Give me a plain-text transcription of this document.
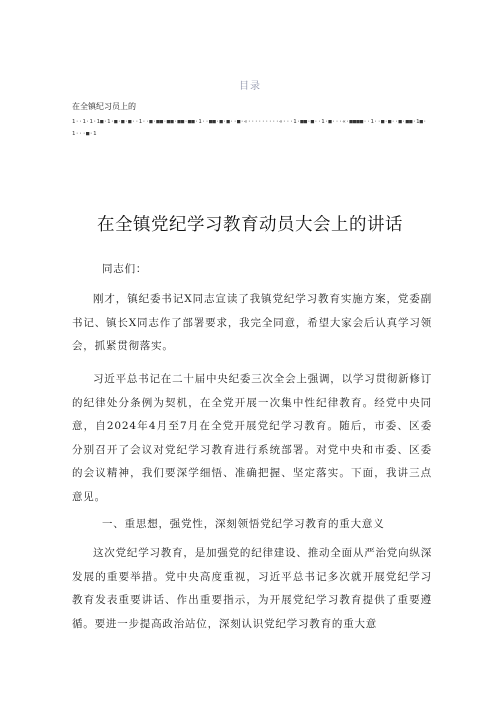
目录
在全镇纪习员上的
1··1·1·1■·1·■·■·■··1··■·■■·■■·■■·■■·1··■■·■·■··■·«·········«···1·■■·■··1·■···«·■■■■··1··■·■··■·■■·1■·1···■·1
在全镇党纪学习教育动员大会上的讲话
同志们：
刚才，镇纪委书记X同志宣读了我镇党纪学习教育实施方案，党委副书记、镇长X同志作了部署要求，我完全同意，希望大家会后认真学习领会，抓紧贯彻落实。
习近平总书记在二十届中央纪委三次全会上强调，以学习贯彻新修订的纪律处分条例为契机，在全党开展一次集中性纪律教育。经党中央同意，自2024年4月至7月在全党开展党纪学习教育。随后，市委、区委分别召开了会议对党纪学习教育进行系统部署。对党中央和市委、区委的会议精神，我们要深学细悟、准确把握、坚定落实。下面，我讲三点意见。
一、重思想，强党性，深刻领悟党纪学习教育的重大意义
这次党纪学习教育，是加强党的纪律建设、推动全面从严治党向纵深发展的重要举措。党中央高度重视，习近平总书记多次就开展党纪学习教育发表重要讲话、作出重要指示，为开展党纪学习教育提供了重要遵循。要进一步提高政治站位，深刻认识党纪学习教育的重大意
